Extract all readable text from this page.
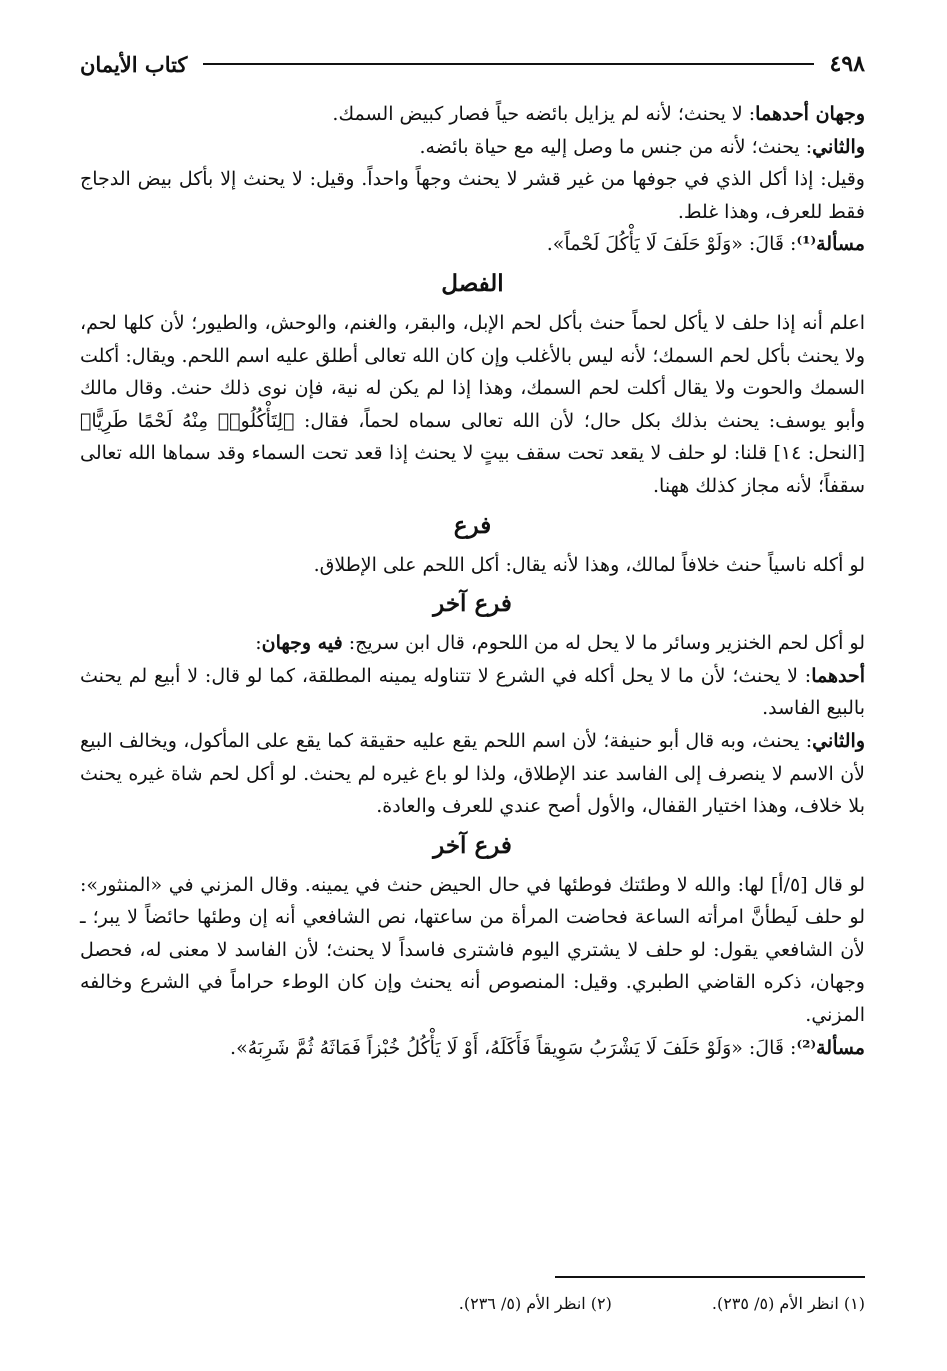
٤٩٨
كتاب الأيمان

وجهان أحدهما: لا يحنث؛ لأنه لم يزايل بائضه حياً فصار كبيض السمك.

والثاني: يحنث؛ لأنه من جنس ما وصل إليه مع حياة بائضه.

وقيل: إذا أكل الذي في جوفها من غير قشر لا يحنث وجهاً واحداً. وقيل: لا يحنث إلا بأكل بيض الدجاج فقط للعرف، وهذا غلط.

مسألة⁽¹⁾: قَالَ: «وَلَوْ حَلَفَ لَا يَأْكُلَ لَحْماً».

الفصل

اعلم أنه إذا حلف لا يأكل لحماً حنث بأكل لحم الإبل، والبقر، والغنم، والوحش، والطيور؛ لأن كلها لحم، ولا يحنث بأكل لحم السمك؛ لأنه ليس بالأغلب وإن كان الله تعالى أطلق عليه اسم اللحم. ويقال: أكلت السمك والحوت ولا يقال أكلت لحم السمك، وهذا إذا لم يكن له نية، فإن نوى ذلك حنث. وقال مالك وأبو يوسف: يحنث بذلك بكل حال؛ لأن الله تعالى سماه لحماً، فقال: ﴿لِتَأْكُلُوا۟ مِنْهُ لَحْمًا طَرِيًّا﴾ [النحل: ١٤] قلنا: لو حلف لا يقعد تحت سقف بيتٍ لا يحنث إذا قعد تحت السماء وقد سماها الله تعالى سقفاً؛ لأنه مجاز كذلك ههنا.

فرع

لو أكله ناسياً حنث خلافاً لمالك، وهذا لأنه يقال: أكل اللحم على الإطلاق.

فرع آخر

لو أكل لحم الخنزير وسائر ما لا يحل له من اللحوم، قال ابن سريج: فيه وجهان:

أحدهما: لا يحنث؛ لأن ما لا يحل أكله في الشرع لا تتناوله يمينه المطلقة، كما لو قال: لا أبيع لم يحنث بالبيع الفاسد.

والثاني: يحنث، وبه قال أبو حنيفة؛ لأن اسم اللحم يقع عليه حقيقة كما يقع على المأكول، ويخالف البيع لأن الاسم لا ينصرف إلى الفاسد عند الإطلاق، ولذا لو باع غيره لم يحنث. لو أكل لحم شاة غيره يحنث بلا خلاف، وهذا اختيار القفال، والأول أصح عندي للعرف والعادة.

فرع آخر

لو قال [٥/أ] لها: والله لا وطئتك فوطئها في حال الحيض حنث في يمينه. وقال المزني في «المنثور»: لو حلف لَيطأنَّ امرأته الساعة فحاضت المرأة من ساعتها، نص الشافعي أنه إن وطئها حائضاً لا يبر؛ ـ لأن الشافعي يقول: لو حلف لا يشتري اليوم فاشترى فاسداً لا يحنث؛ لأن الفاسد لا معنى له، فحصل وجهان، ذكره القاضي الطبري. وقيل: المنصوص أنه يحنث وإن كان الوطء حراماً في الشرع وخالفه المزني.

مسألة⁽²⁾: قَالَ: «وَلَوْ حَلَفَ لَا يَشْرَبُ سَوِيقاً فَأَكَلَهُ، أَوْ لَا يَأْكُلُ خُبْزاً فَمَاثَهُ ثُمَّ شَرِبَهُ».

(١) انظر الأم (٥/ ٢٣٥).
(٢) انظر الأم (٥/ ٢٣٦).
